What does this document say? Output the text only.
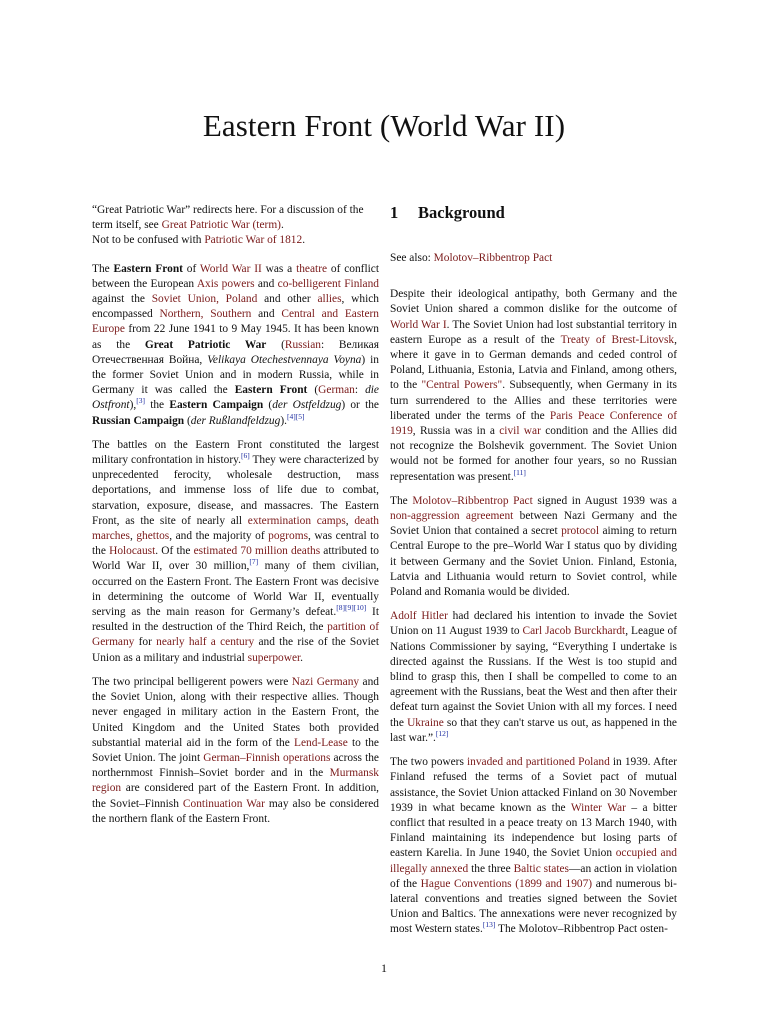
Eastern Front (World War II)
“Great Patriotic War” redirects here. For a discussion of the term itself, see Great Patriotic War (term).
Not to be confused with Patriotic War of 1812.

The Eastern Front of World War II was a theatre of conflict between the European Axis powers and co-belligerent Finland against the Soviet Union, Poland and other allies, which encompassed Northern, Southern and Central and Eastern Europe from 22 June 1941 to 9 May 1945. It has been known as the Great Patriotic War (Russian: Великая Отечественная Война, Velikaya Otechestvennaya Voyna) in the former Soviet Union and in modern Russia, while in Germany it was called the Eastern Front (German: die Ostfront),[3] the Eastern Campaign (der Ostfeldzug) or the Russian Campaign (der Rußlandfeldzug).[4][5]

The battles on the Eastern Front constituted the largest military confrontation in history.[6] They were characterized by unprecedented ferocity, wholesale destruction, mass deportations, and immense loss of life due to combat, starvation, exposure, disease, and massacres. The Eastern Front, as the site of nearly all extermination camps, death marches, ghettos, and the majority of pogroms, was central to the Holocaust. Of the estimated 70 million deaths attributed to World War II, over 30 million,[7] many of them civilian, occurred on the Eastern Front. The Eastern Front was decisive in determining the outcome of World War II, eventually serving as the main reason for Germany’s defeat.[8][9][10] It resulted in the destruction of the Third Reich, the partition of Germany for nearly half a century and the rise of the Soviet Union as a military and industrial superpower.

The two principal belligerent powers were Nazi Germany and the Soviet Union, along with their respective allies. Though never engaged in military action in the Eastern Front, the United Kingdom and the United States both provided substantial material aid in the form of the Lend-Lease to the Soviet Union. The joint German–Finnish operations across the northernmost Finnish–Soviet border and in the Murmansk region are considered part of the Eastern Front. In addition, the Soviet–Finnish Continuation War may also be considered the northern flank of the Eastern Front.

1 Background
See also: Molotov–Ribbentrop Pact

Despite their ideological antipathy, both Germany and the Soviet Union shared a common dislike for the outcome of World War I. The Soviet Union had lost substantial territory in eastern Europe as a result of the Treaty of Brest-Litovsk, where it gave in to German demands and ceded control of Poland, Lithuania, Estonia, Latvia and Finland, among others, to the "Central Powers". Subsequently, when Germany in its turn surrendered to the Allies and these territories were liberated under the terms of the Paris Peace Conference of 1919, Russia was in a civil war condition and the Allies did not recognize the Bolshevik government. The Soviet Union would not be formed for another four years, so no Russian representation was present.[11]

The Molotov–Ribbentrop Pact signed in August 1939 was a non-aggression agreement between Nazi Germany and the Soviet Union that contained a secret protocol aiming to return Central Europe to the pre–World War I status quo by dividing it between Germany and the Soviet Union. Finland, Estonia, Latvia and Lithuania would return to Soviet control, while Poland and Romania would be divided.

Adolf Hitler had declared his intention to invade the Soviet Union on 11 August 1939 to Carl Jacob Burckhardt, League of Nations Commissioner by saying, “Everything I undertake is directed against the Russians. If the West is too stupid and blind to grasp this, then I shall be compelled to come to an agreement with the Russians, beat the West and then after their defeat turn against the Soviet Union with all my forces. I need the Ukraine so that they can't starve us out, as happened in the last war.”.[12]

The two powers invaded and partitioned Poland in 1939. After Finland refused the terms of a Soviet pact of mutual assistance, the Soviet Union attacked Finland on 30 November 1939 in what became known as the Winter War – a bitter conflict that resulted in a peace treaty on 13 March 1940, with Finland maintaining its independence but losing parts of eastern Karelia. In June 1940, the Soviet Union occupied and illegally annexed the three Baltic states—an action in violation of the Hague Conventions (1899 and 1907) and numerous bi-lateral conventions and treaties signed between the Soviet Union and Baltics. The annexations were never recognized by most Western states.[13] The Molotov–Ribbentrop Pact osten-

1
